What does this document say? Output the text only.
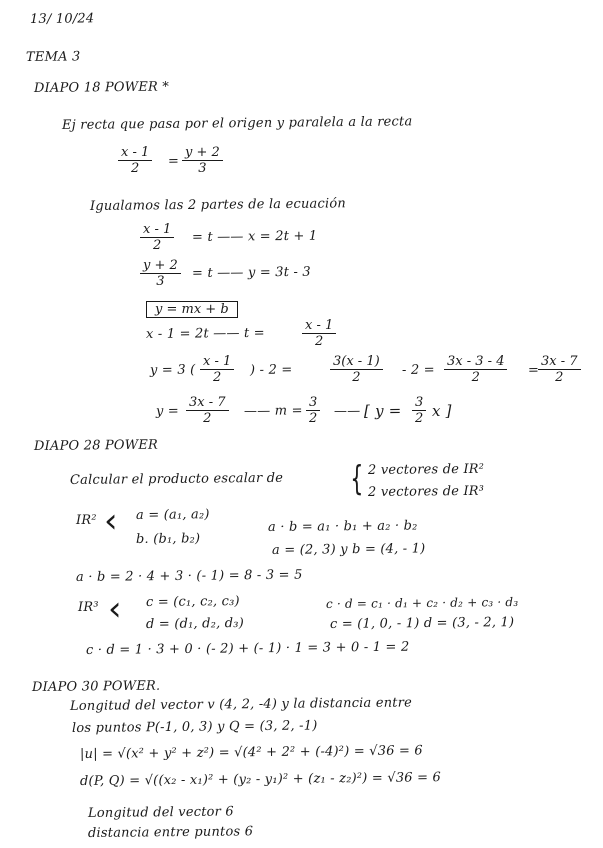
13/ 10/24
TEMA 3
DIAPO 18 POWER *
Ej recta que pasa por el origen y paralela a la recta
$\frac{x - 1}{2} = \frac{y + 2}{3}$
Igualamos las 2 partes de la ecuación
$\frac{x - 1}{2} = t$ —— x = 2t + 1
$\frac{y + 2}{3} = t$ —— y = 3t - 3
y = mx + b
x - 1 = 2t —— t =	$\frac{x - 1}{2}$
y = 3 ( $\frac{x - 1}{2}$ ) - 2 =	$\frac{3(x - 1)}{2} - 2 = \frac{3x - 3 - 4}{2}$ =
$\frac{3x - 7}{2}$
$y = \frac{3x - 7}{2}$ —— $m = \frac{3}{2}$ —— [ $y = \frac{3}{2}$ x ]
DIAPO 28 POWER
Calcular el producto escalar de { 2 vectores de IR²
2 vectores de IR³
IR² ‹ a = (a₁, a₂)
b. (b₁, b₂)
a · b = a₁ · b₁ + a₂ · b₂
a = (2, 3) y b = (4, - 1)
a · b = 2 · 4 + 3 · (- 1) = 8 - 3 = 5
IR³ ‹ c = (c₁, c₂, c₃)
d = (d₁, d₂, d₃)
c · d = c₁ · d₁ + c₂ · d₂ + c₃ · d₃
c = (1, 0, - 1) d = (3, - 2, 1)
c · d = 1 · 3 + 0 · (- 2) + (- 1) · 1 = 3 + 0 - 1 = 2
DIAPO 30 POWER.
Longitud del vector v (4, 2, -4) y la distancia entre
los puntos P(-1, 0, 3) y Q = (3, 2, -1)
|u| = √(x² + y² + z²) = √(4² + 2² + (-4)²) = √36 = 6
d(P, Q) = √((x₂ - x₁)² + (y₂ - y₁)² + (z₁ - z₂)²) = √36 = 6
Longitud del vector 6
distancia entre puntos 6
